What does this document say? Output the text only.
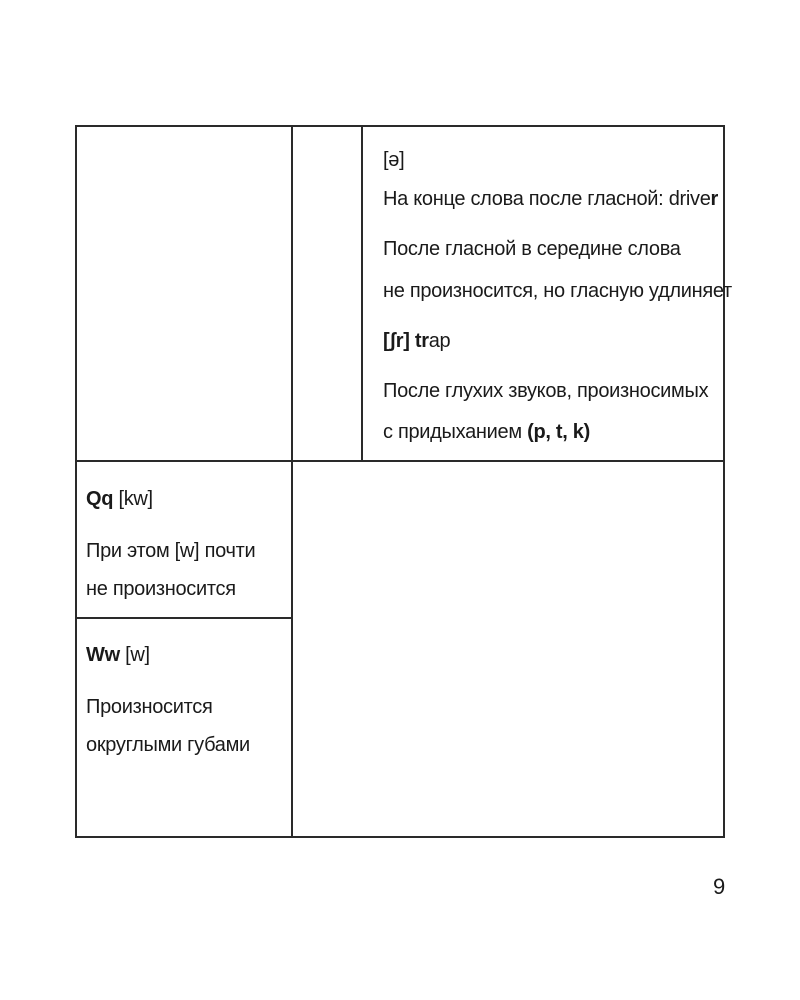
[ə]
На конце слова после гласной: driver
После гласной в середине слова
не произносится, но гласную удлиняет
[ʃr] trap
После глухих звуков, произносимых
с придыханием (p, t, k)
Qq [kw]
При этом [w] почти
не произносится
Ww [w]
Произносится
округлыми губами
9
